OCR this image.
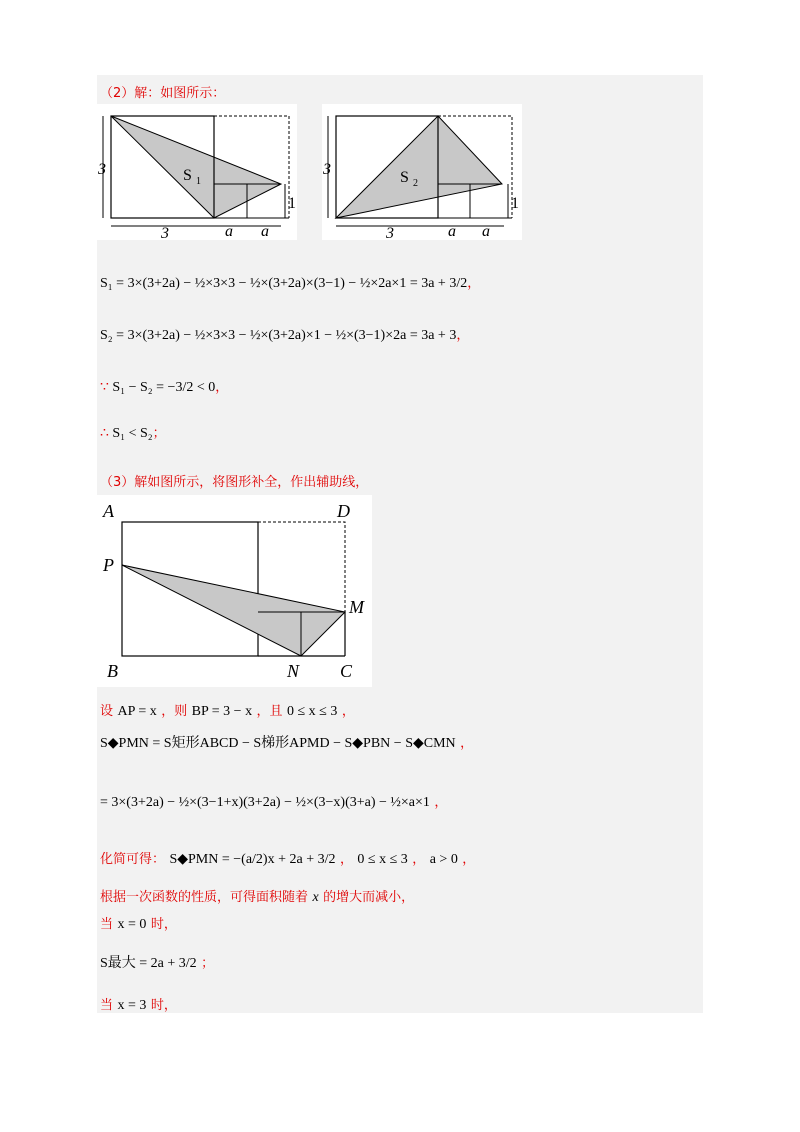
（2）解：如图所示：
3	S 1
3	a a
1
3	S 2
3	a a
1
S₁ = 3×(3+2a) − ½×3×3 − ½×(3+2a)×(3−1) − ½×2a×1 = 3a + 3/2，
S₂ = 3×(3+2a) − ½×3×3 − ½×(3+2a)×1 − ½×(3−1)×2a = 3a + 3，
∵ S₁ − S₂ = −3/2 < 0，
∴ S₁ < S₂；
（3）解如图所示，将图形补全，作出辅助线，
A	D
P
M
B	N C
设 AP = x ，则 BP = 3 − x ，且 0 ≤ x ≤ 3 ，
S◆PMN = S矩形ABCD − S梯形APMD − S◆PBN − S◆CMN ，
= 3×(3+2a) − ½×(3−1+x)(3+2a) − ½×(3−x)(3+a) − ½×a×1 ，
化简可得： S◆PMN = −(a/2)x + 2a + 3/2 ， 0 ≤ x ≤ 3 ， a > 0 ，
根据一次函数的性质，可得面积随着 x 的增大而减小，
当 x = 0 时，
S最大 = 2a + 3/2 ；
当 x = 3 时，
